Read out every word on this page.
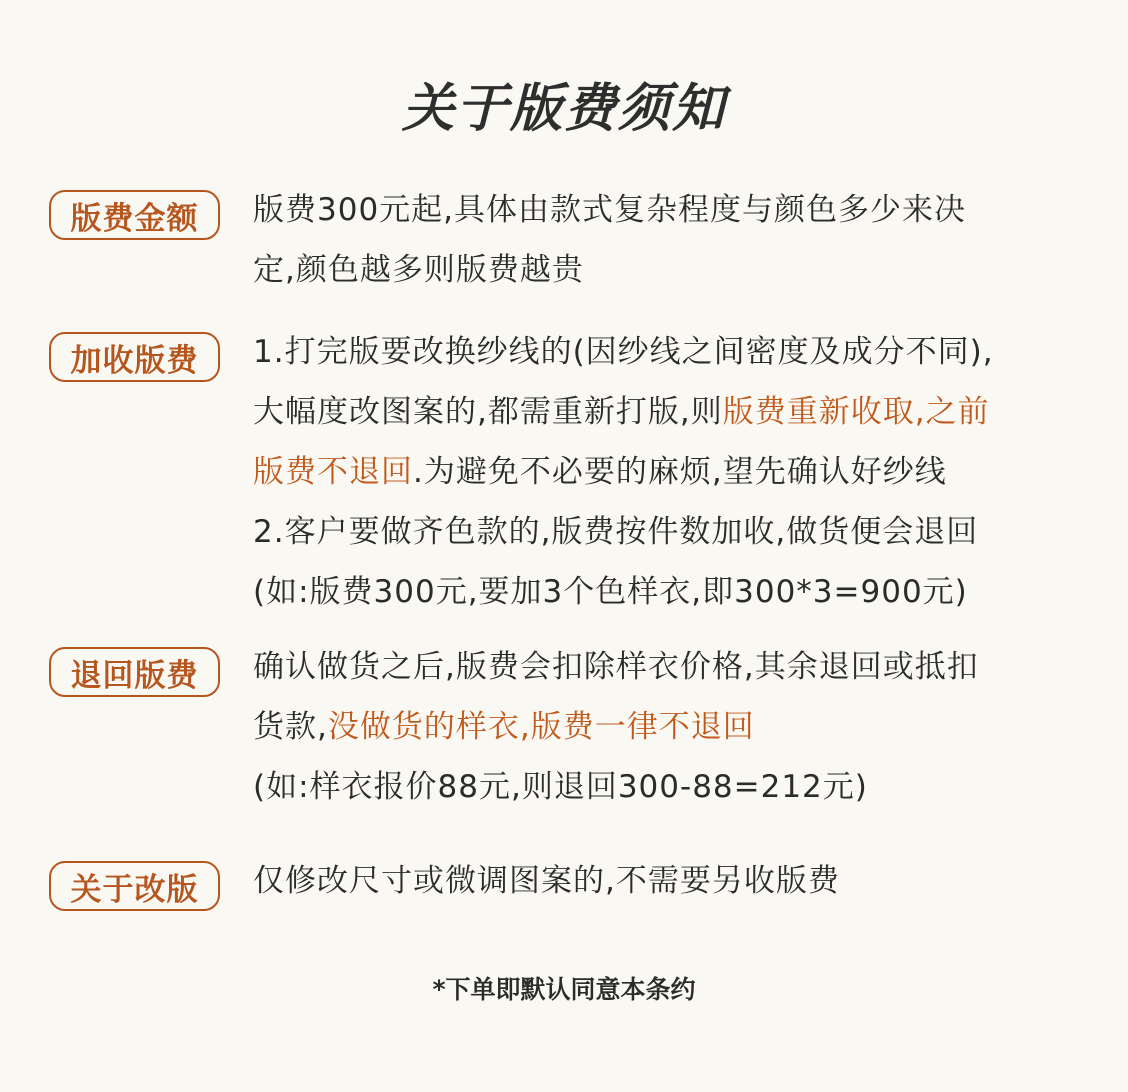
关于版费须知
版费金额	版费300元起,具体由款式复杂程度与颜色多少来决
定,颜色越多则版费越贵
加收版费	1.打完版要改换纱线的(因纱线之间密度及成分不同),
大幅度改图案的,都需重新打版,则版费重新收取,之前
版费不退回.为避免不必要的麻烦,望先确认好纱线
2.客户要做齐色款的,版费按件数加收,做货便会退回
(如:版费300元,要加3个色样衣,即300*3=900元)
退回版费	确认做货之后,版费会扣除样衣价格,其余退回或抵扣
货款,没做货的样衣,版费一律不退回
(如:样衣报价88元,则退回300-88=212元)
关于改版	仅修改尺寸或微调图案的,不需要另收版费
*下单即默认同意本条约
